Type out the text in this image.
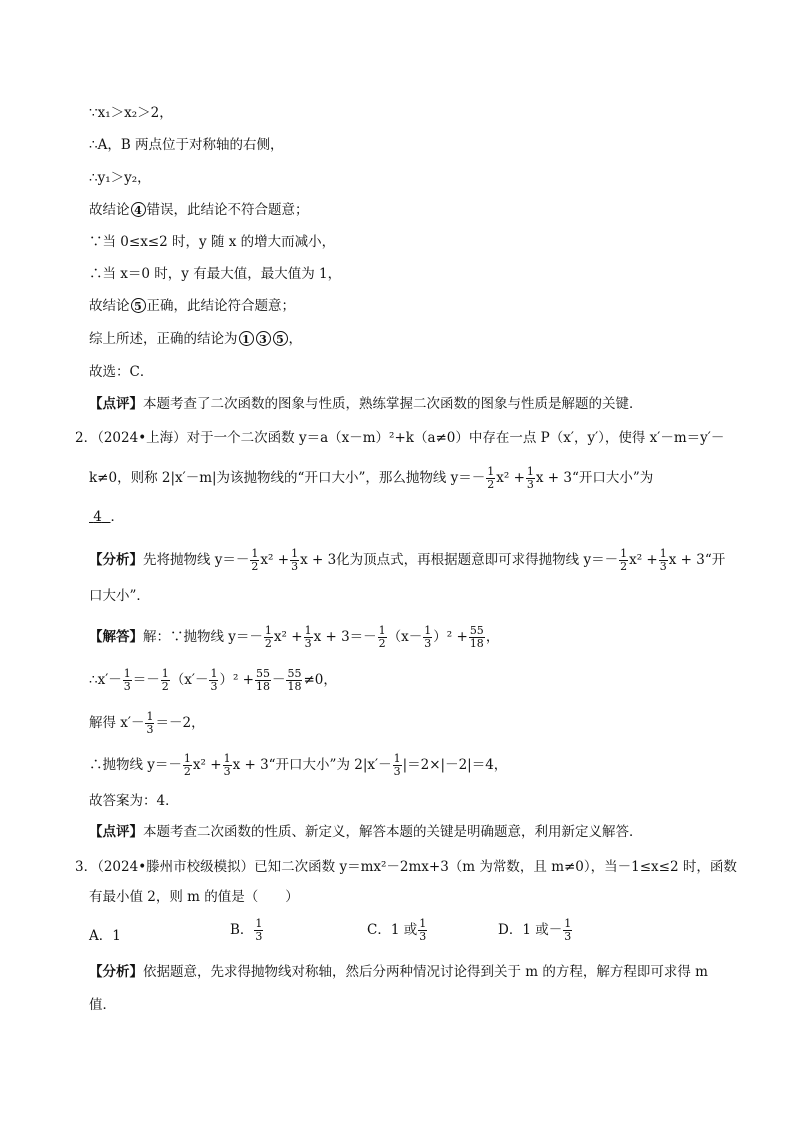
∵x₁＞x₂＞2，
∴A，B 两点位于对称轴的右侧，
∴y₁＞y₂，
故结论 4 错误，此结论不符合题意；
∵当 0≤x≤2 时，y 随 x 的增大而减小，
∴当 x＝0 时，y 有最大值，最大值为 1，
故结论 5 正确，此结论符合题意；
综上所述，正确的结论为 1 3 5 ，
故选：C．
【点评】本题考查了二次函数的图象与性质，熟练掌握二次函数的图象与性质是解题的关键．
2．（2024•上海）对于一个二次函数 y＝a（x－m）²+k（a≠0）中存在一点 P（x′，y′），使得 x′－m＝y′－
k≠0，则称 2|x′－m|为该抛物线的“开口大小”，那么抛物线 $y=- \frac{1}{2} x^2 + \frac{1}{3}$ x + 3“开口大小”为
4 ．
【分析】先将抛物线 $y=- \frac{1}{2} x^2 + \frac{1}{3}$ x + 3化为顶点式，再根据题意即可求得抛物线 $y=- \frac{1}{2} x^2 + \frac{1}{3}$ x + 3“开
口大小”．
【解答】解：∵抛物线 $y=- \frac{1}{2} x^2 + \frac{1}{3}$ $x + 3=- \frac{1}{2} (x- \frac{1}{3} )^2 + \frac{55}{18}$ ，
∴x′－ $\frac{1}{3} =- \frac{1}{2} (x'- \frac{1}{3} )^2 + \frac{55}{18} - \frac{55}{18} \ne 0$，
解得 $x'- \frac{1}{3} =-2$，
∴抛物线 $y=- \frac{1}{2} x^2 + \frac{1}{3}$ x + 3“开口大小”为 $2|x'- \frac{1}{3} |=2\times|-2|=4$，
故答案为：4．
【点评】本题考查二次函数的性质、新定义，解答本题的关键是明确题意，利用新定义解答．
3．（2024•滕州市校级模拟）已知二次函数 y＝mx²－2mx+3（m 为常数，且 m≠0），当－1≤x≤2 时，函数
有最小值 2，则 m 的值是（　　）
A．1	B． $\frac{1}{3}$	C．1 或 $\frac{1}{3}$	D．1 或－ $\frac{1}{3}$
【分析】依据题意，先求得抛物线对称轴，然后分两种情况讨论得到关于 m 的方程，解方程即可求得 m
值．
